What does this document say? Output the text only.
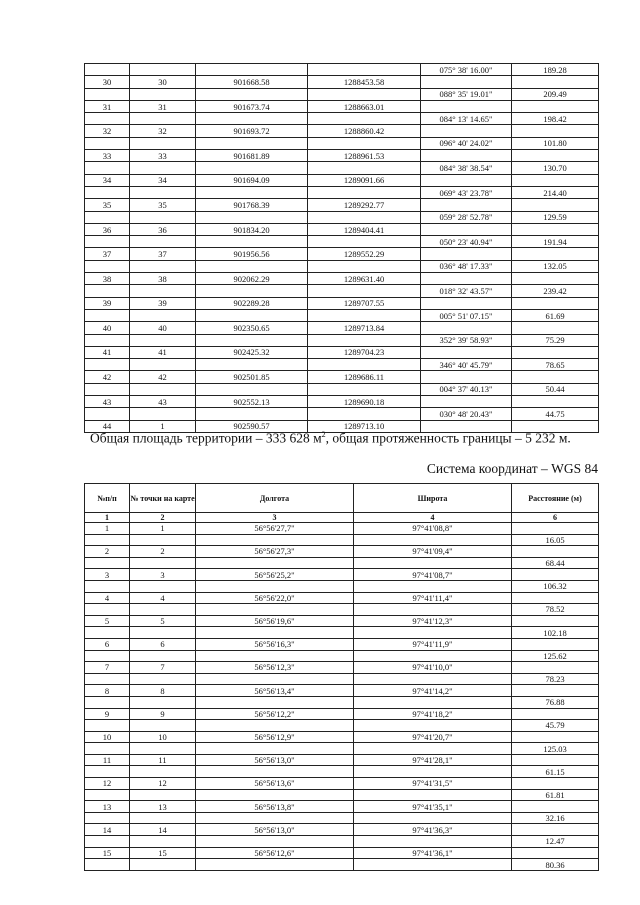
				075° 38' 16.00"	189.28
30	30	901668.58	1288453.58		
				088° 35' 19.01"	209.49
31	31	901673.74	1288663.01		
				084° 13' 14.65"	198.42
32	32	901693.72	1288860.42		
				096° 40' 24.02"	101.80
33	33	901681.89	1288961.53		
				084° 38' 38.54"	130.70
34	34	901694.09	1289091.66		
				069° 43' 23.78"	214.40
35	35	901768.39	1289292.77		
				059° 28' 52.78"	129.59
36	36	901834.20	1289404.41		
				050° 23' 40.94"	191.94
37	37	901956.56	1289552.29		
				036° 48' 17.33"	132.05
38	38	902062.29	1289631.40		
				018° 32' 43.57"	239.42
39	39	902289.28	1289707.55		
				005° 51' 07.15"	61.69
40	40	902350.65	1289713.84		
				352° 39' 58.93"	75.29
41	41	902425.32	1289704.23		
				346° 40' 45.79"	78.65
42	42	902501.85	1289686.11		
				004° 37' 40.13"	50.44
43	43	902552.13	1289690.18		
				030° 48' 20.43"	44.75
44	1	902590.57	1289713.10		
Общая площадь территории – 333 628 $м^2$, общая протяженность границы – 5 232 м.
Система координат – WGS 84
№п/п	№ точки на карте	Долгота	Широта	Расстояние (м)
1	2	3	4	6
1	1	56°56'27,7"	97°41'08,8"	
				16.05
2	2	56°56'27,3"	97°41'09,4"	
				68.44
3	3	56°56'25,2"	97°41'08,7"	
				106.32
4	4	56°56'22,0"	97°41'11,4"	
				78.52
5	5	56°56'19,6"	97°41'12,3"	
				102.18
6	6	56°56'16,3"	97°41'11,9"	
				125.62
7	7	56°56'12,3"	97°41'10,0"	
				78.23
8	8	56°56'13,4"	97°41'14,2"	
				76.88
9	9	56°56'12,2"	97°41'18,2"	
				45.79
10	10	56°56'12,9"	97°41'20,7"	
				125.03
11	11	56°56'13,0"	97°41'28,1"	
				61.15
12	12	56°56'13,6"	97°41'31,5"	
				61.81
13	13	56°56'13,8"	97°41'35,1"	
				32.16
14	14	56°56'13,0"	97°41'36,3"	
				12.47
15	15	56°56'12,6"	97°41'36,1"	
				80.36
